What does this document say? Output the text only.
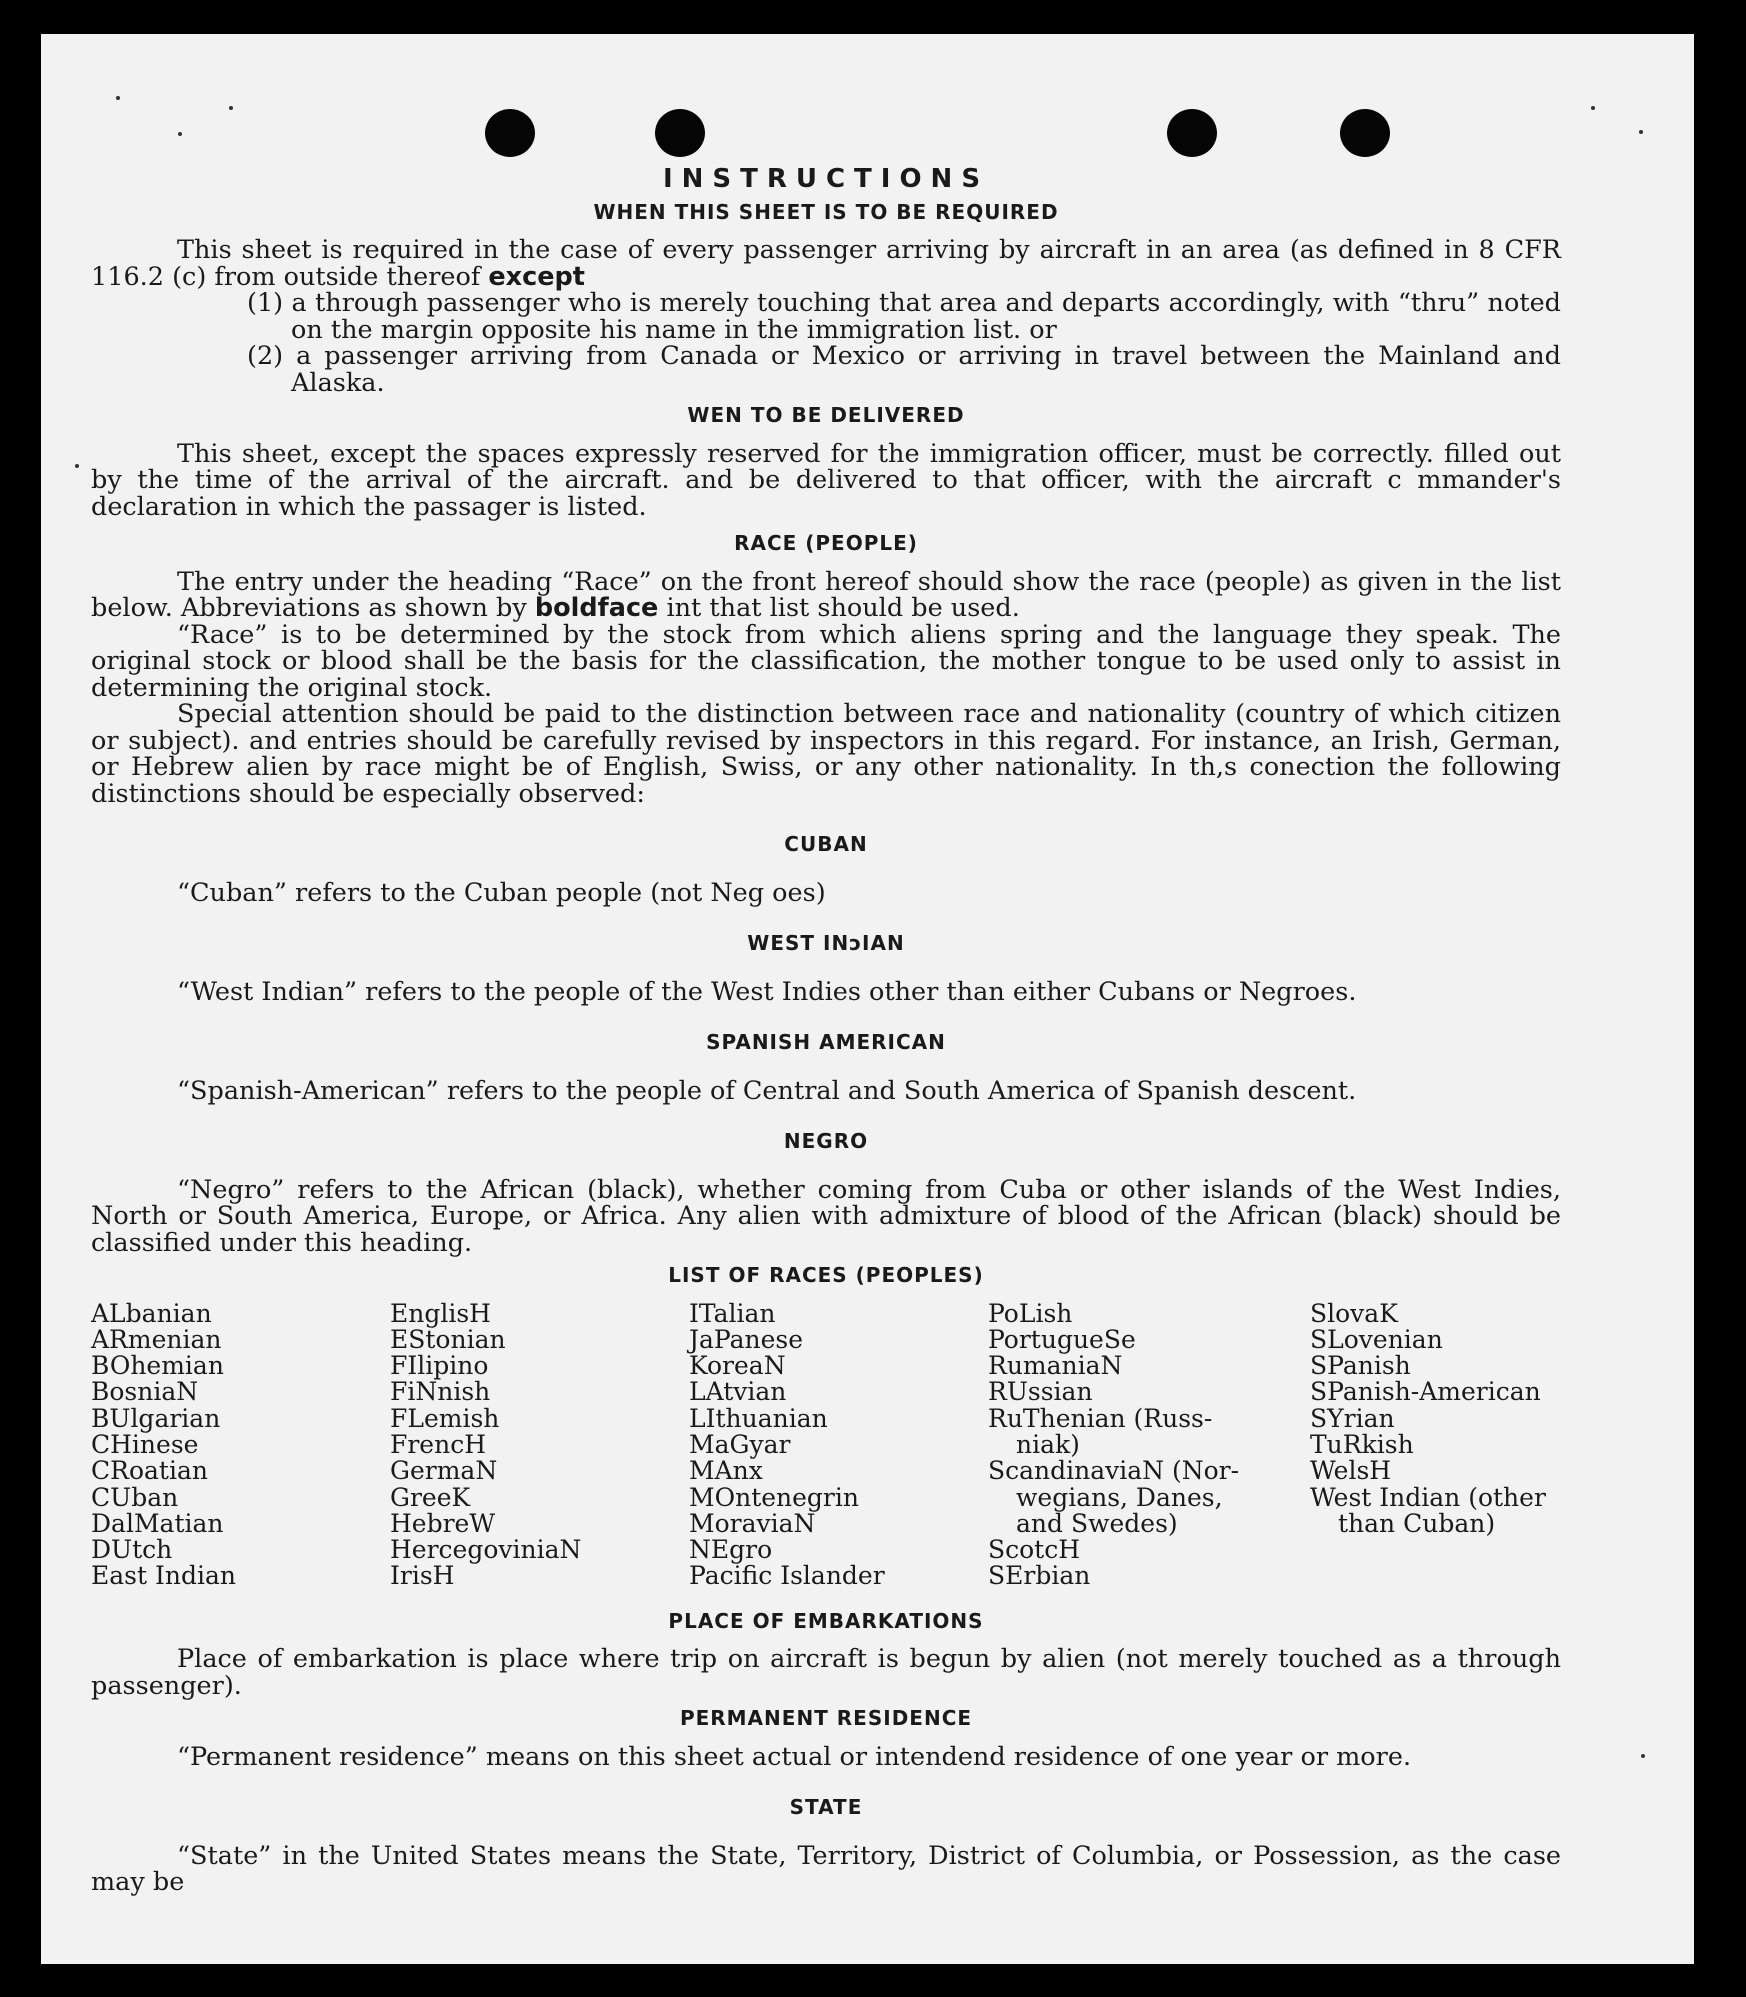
INSTRUCTIONS
WHEN THIS SHEET IS TO BE REQUIRED

This sheet is required in the case of every passenger arriving by aircraft in an area (as defined in 8 CFR 116.2 (c) from outside thereof except

(1) a through passenger who is merely touching that area and departs accordingly, with “thru” noted on the margin opposite his name in the immigration list. or

(2) a passenger arriving from Canada or Mexico or arriving in travel between the Mainland and Alaska.

WEN TO BE DELIVERED

This sheet, except the spaces expressly reserved for the immigration officer, must be correctly. filled out by the time of the arrival of the aircraft. and be delivered to that officer, with the aircraft c mmander's declaration in which the passager is listed.

RACE (PEOPLE)

The entry under the heading “Race” on the front hereof should show the race (people) as given in the list below. Abbreviations as shown by boldface int that list should be used.

“Race” is to be determined by the stock from which aliens spring and the language they speak. The original stock or blood shall be the basis for the classification, the mother tongue to be used only to assist in determining the original stock.

Special attention should be paid to the distinction between race and nationality (country of which citizen or subject). and entries should be carefully revised by inspectors in this regard. For instance, an Irish, German, or Hebrew alien by race might be of English, Swiss, or any other nationality. In th,s conection the following distinctions should be especially observed:

CUBAN

“Cuban” refers to the Cuban people (not Neg oes)

WEST INɔIAN

“West Indian” refers to the people of the West Indies other than either Cubans or Negroes.

SPANISH AMERICAN

“Spanish-American” refers to the people of Central and South America of Spanish descent.

NEGRO

“Negro” refers to the African (black), whether coming from Cuba or other islands of the West Indies, North or South America, Europe, or Africa. Any alien with admixture of blood of the African (black) should be classified under this heading.

LIST OF RACES (PEOPLES)
ALbanian
ARmenian
BOhemian
BosniaN
BUlgarian
CHinese
CRoatian
CUban
DalMatian
DUtch
East Indian
EnglisH
EStonian
FIlipino
FiNnish
FLemish
FrencH
GermaN
GreeK
HebreW
HercegoviniaN
IrisH
ITalian
JaPanese
KoreaN
LAtvian
LIthuanian
MaGyar
MAnx
MOntenegrin
MoraviaN
NEgro
Pacific Islander
PoLish
PortugueSe
RumaniaN
RUssian
RuThenian (Russ-
niak)
ScandinaviaN (Nor-
wegians, Danes,
and Swedes)
ScotcH
SErbian
SlovaK
SLovenian
SPanish
SPanish-American
SYrian
TuRkish
WelsH
West Indian (other
than Cuban)
PLACE OF EMBARKATIONS

Place of embarkation is place where trip on aircraft is begun by alien (not merely touched as a through passenger).

PERMANENT RESIDENCE

“Permanent residence” means on this sheet actual or intendend residence of one year or more.

STATE

“State” in the United States means the State, Territory, District of Columbia, or Possession, as the case may be
